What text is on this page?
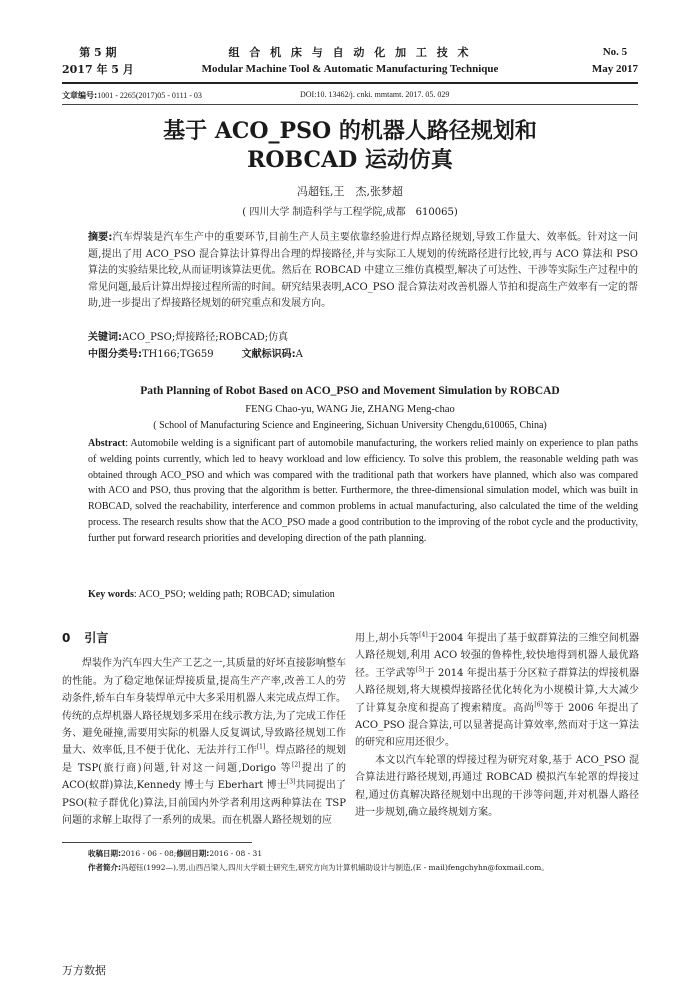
第 5 期
2017 年 5 月
组 合 机 床 与 自 动 化 加 工 技 术
Modular Machine Tool & Automatic Manufacturing Technique
No. 5
May 2017
文章编号:1001 - 2265(2017)05 - 0111 - 03	DOI:10. 13462/j. cnki. mmtamt. 2017. 05. 029
基于 ACO_PSO 的机器人路径规划和
ROBCAD 运动仿真
冯超钰,王　杰,张梦超
( 四川大学 制造科学与工程学院,成都　610065)
摘要:汽车焊装是汽车生产中的重要环节,目前生产人员主要依靠经验进行焊点路径规划,导致工作量大、效率低。针对这一问题,提出了用 ACO_PSO 混合算法计算得出合理的焊接路径,并与实际工人规划的传统路径进行比较,再与 ACO 算法和 PSO 算法的实验结果比较,从而证明该算法更优。然后在 ROBCAD 中建立三维仿真模型,解决了可达性、干涉等实际生产过程中的常见问题,最后计算出焊接过程所需的时间。研究结果表明,ACO_PSO 混合算法对改善机器人节拍和提高生产效率有一定的帮助,进一步提出了焊接路径规划的研究重点和发展方向。
关键词:ACO_PSO;焊接路径;ROBCAD;仿真
中图分类号:TH166;TG659	文献标识码:A
Path Planning of Robot Based on ACO_PSO and Movement Simulation by ROBCAD
FENG Chao-yu, WANG Jie, ZHANG Meng-chao
( School of Manufacturing Science and Engineering, Sichuan University Chengdu,610065, China)
Abstract: Automobile welding is a significant part of automobile manufacturing, the workers relied mainly on experience to plan paths of welding points currently, which led to heavy workload and low efficiency. To solve this problem, the reasonable welding path was obtained through ACO_PSO and which was compared with the traditional path that workers have planned, which also was compared with ACO and PSO, thus proving that the algorithm is better. Furthermore, the three-dimensional simulation model, which was built in ROBCAD, solved the reachability, interference and common problems in actual manufacturing, also calculated the time of the welding process. The research results show that the ACO_PSO made a good contribution to the improving of the robot cycle and the productivity, further put forward research priorities and developing direction of the path planning.
Key words: ACO_PSO; welding path; ROBCAD; simulation
0 引言

焊装作为汽车四大生产工艺之一,其质量的好坏直接影响整车的性能。为了稳定地保证焊接质量,提高生产产率,改善工人的劳动条件,轿车白车身装焊单元中大多采用机器人来完成点焊工作。传统的点焊机器人路径规划多采用在线示教方法,为了完成工作任务、避免碰撞,需要用实际的机器人反复调试,导致路径规划工作量大、效率低,且不便于优化、无法并行工作[1]。焊点路径的规划是 TSP(旅行商)问题,针对这一问题,Dorigo 等[2]提出了的 ACO(蚁群)算法,Kennedy 博士与 Eberhart 博士[3]共同提出了 PSO(粒子群优化)算法,目前国内外学者利用这两种算法在 TSP 问题的求解上取得了一系列的成果。而在机器人路径规划的应

用上,胡小兵等[4]于2004 年提出了基于蚁群算法的三维空间机器人路径规划,利用 ACO 较强的鲁棒性,较快地得到机器人最优路径。王学武等[5]于 2014 年提出基于分区粒子群算法的焊接机器人路径规划,将大规模焊接路径优化转化为小规模计算,大大减少了计算复杂度和提高了搜索精度。高尚[6]等于 2006 年提出了 ACO_PSO 混合算法,可以显著提高计算效率,然而对于这一算法的研究和应用还很少。

本文以汽车轮罩的焊接过程为研究对象,基于 ACO_PSO 混合算法进行路径规划,再通过 ROBCAD 模拟汽车轮罩的焊接过程,通过仿真解决路径规划中出现的干涉等问题,并对机器人路径进一步规划,确立最终规划方案。

收稿日期:2016 - 06 - 08;修回日期:2016 - 08 - 31
作者简介:冯超钰(1992—),男,山西吕梁人,四川大学硕士研究生,研究方向为计算机辅助设计与制造,(E - mail)fengchyhn@foxmail.com。
万方数据
